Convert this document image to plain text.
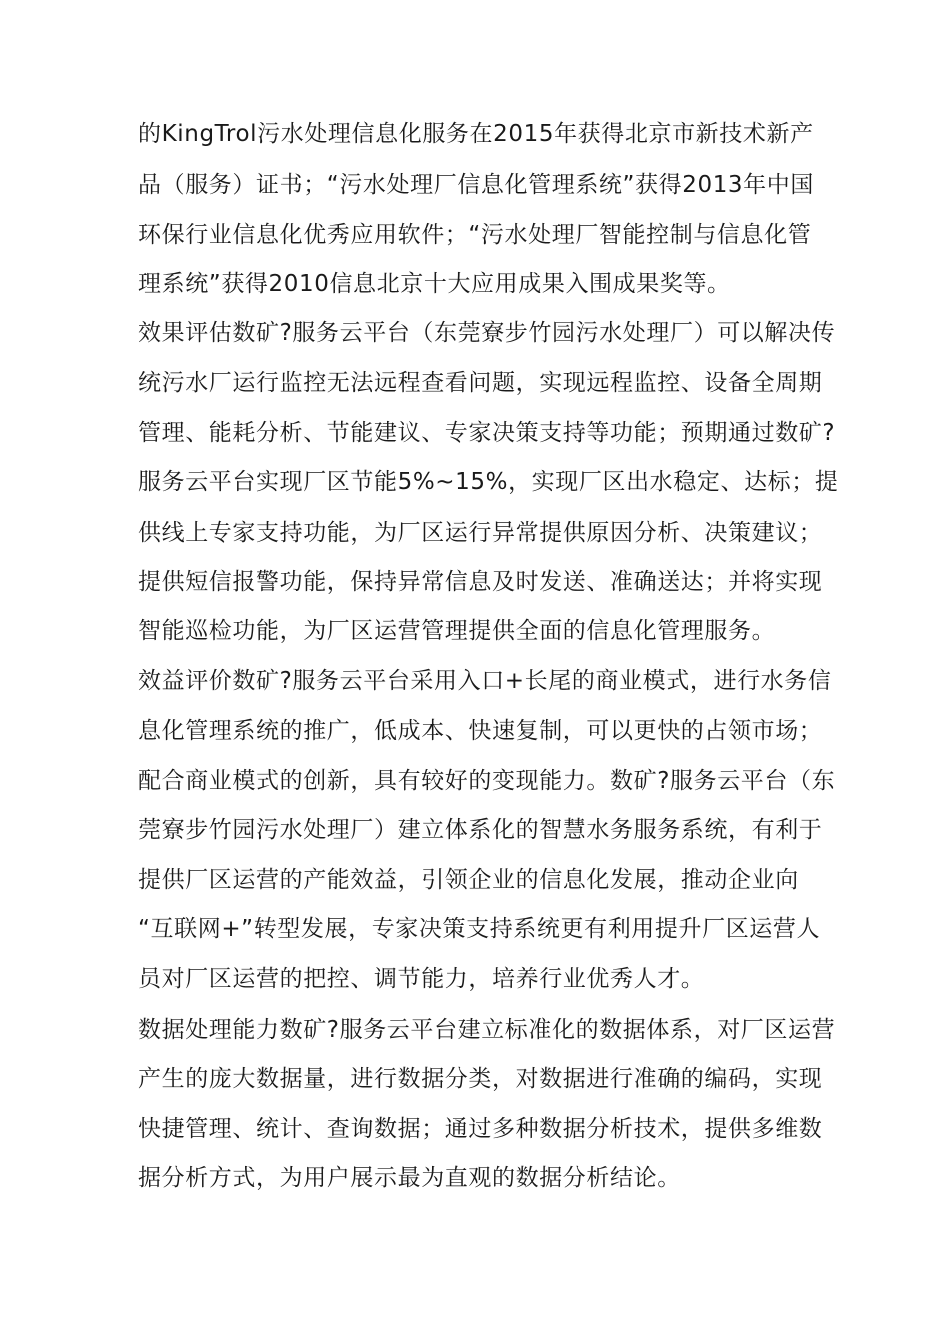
的KingTrol污水处理信息化服务在2015年获得北京市新技术新产
品（服务）证书；“污水处理厂信息化管理系统”获得2013年中国
环保行业信息化优秀应用软件；“污水处理厂智能控制与信息化管
理系统”获得2010信息北京十大应用成果入围成果奖等。
效果评估数矿?服务云平台（东莞寮步竹园污水处理厂）可以解决传
统污水厂运行监控无法远程查看问题，实现远程监控、设备全周期
管理、能耗分析、节能建议、专家决策支持等功能；预期通过数矿?
服务云平台实现厂区节能5%~15%，实现厂区出水稳定、达标；提
供线上专家支持功能，为厂区运行异常提供原因分析、决策建议；
提供短信报警功能，保持异常信息及时发送、准确送达；并将实现
智能巡检功能，为厂区运营管理提供全面的信息化管理服务。
效益评价数矿?服务云平台采用入口+长尾的商业模式，进行水务信
息化管理系统的推广，低成本、快速复制，可以更快的占领市场；
配合商业模式的创新，具有较好的变现能力。数矿?服务云平台（东
莞寮步竹园污水处理厂）建立体系化的智慧水务服务系统，有利于
提供厂区运营的产能效益，引领企业的信息化发展，推动企业向
“互联网+”转型发展，专家决策支持系统更有利用提升厂区运营人
员对厂区运营的把控、调节能力，培养行业优秀人才。
数据处理能力数矿?服务云平台建立标准化的数据体系，对厂区运营
产生的庞大数据量，进行数据分类，对数据进行准确的编码，实现
快捷管理、统计、查询数据；通过多种数据分析技术，提供多维数
据分析方式，为用户展示最为直观的数据分析结论。
